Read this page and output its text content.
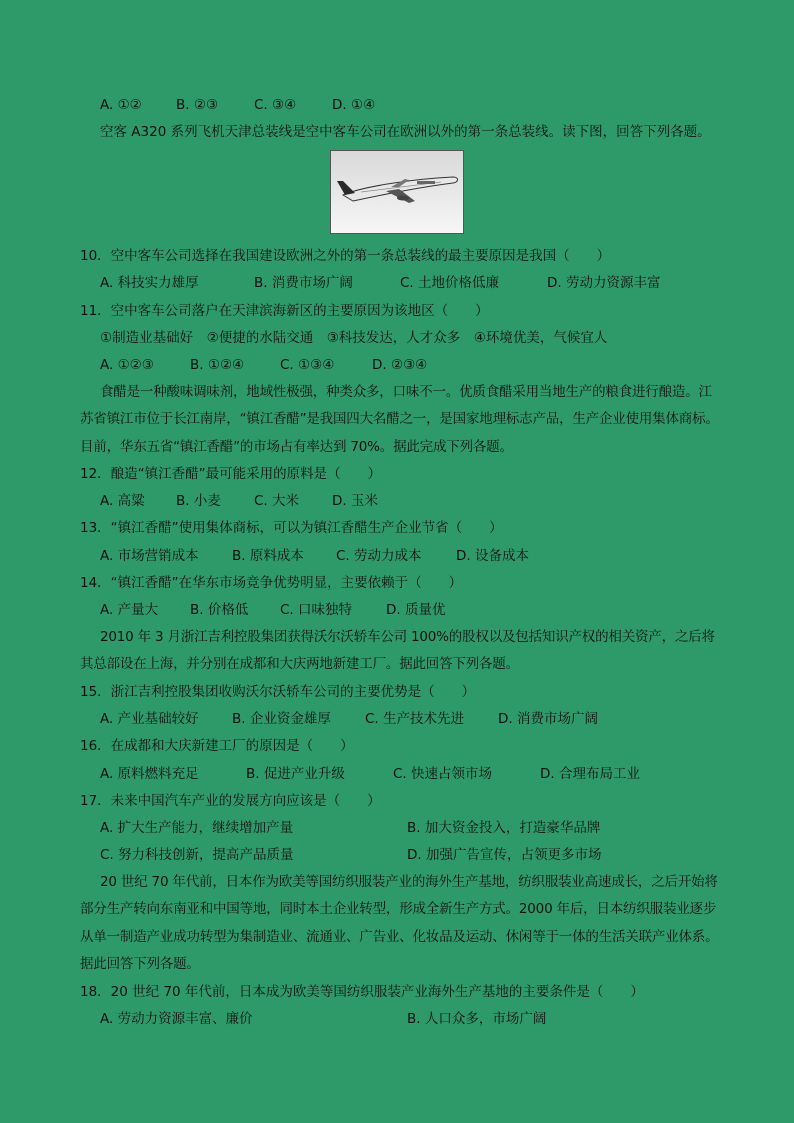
A. ①②	B. ②③	C. ③④	D. ①④
空客 A320 系列飞机天津总装线是空中客车公司在欧洲以外的第一条总装线。读下图，回答下列各题。
10．空中客车公司选择在我国建设欧洲之外的第一条总装线的最主要原因是我国（　　）
A. 科技实力雄厚	B. 消费市场广阔	C. 土地价格低廉	D. 劳动力资源丰富
11．空中客车公司落户在天津滨海新区的主要原因为该地区（　　）
①制造业基础好　②便捷的水陆交通　③科技发达，人才众多　④环境优美，气候宜人
A. ①②③	B. ①②④	C. ①③④	D. ②③④
食醋是一种酸味调味剂，地域性极强，种类众多，口味不一。优质食醋采用当地生产的粮食进行酿造。江苏省镇江市位于长江南岸，“镇江香醋”是我国四大名醋之一，是国家地理标志产品，生产企业使用集体商标。目前，华东五省“镇江香醋”的市场占有率达到 70%。据此完成下列各题。
12．酿造“镇江香醋”最可能采用的原料是（　　）
A. 高粱 B. 小麦 C. 大米 D. 玉米
13．“镇江香醋”使用集体商标，可以为镇江香醋生产企业节省（　　）
A. 市场营销成本 B. 原料成本 C. 劳动力成本	D. 设备成本
14．“镇江香醋”在华东市场竞争优势明显，主要依赖于（　　）
A. 产量大 B. 价格低 C. 口味独特	D. 质量优
2010 年 3 月浙江吉利控股集团获得沃尔沃轿车公司 100%的股权以及包括知识产权的相关资产，之后将其总部设在上海，并分别在成都和大庆两地新建工厂。据此回答下列各题。
15．浙江吉利控股集团收购沃尔沃轿车公司的主要优势是（　　）
A. 产业基础较好 B. 企业资金雄厚	C. 生产技术先进	D. 消费市场广阔
16．在成都和大庆新建工厂的原因是（　　）
A. 原料燃料充足	B. 促进产业升级	C. 快速占领市场	D. 合理布局工业
17．未来中国汽车产业的发展方向应该是（　　）
A. 扩大生产能力，继续增加产量	B. 加大资金投入，打造豪华品牌
C. 努力科技创新，提高产品质量	D. 加强广告宣传，占领更多市场
20 世纪 70 年代前，日本作为欧美等国纺织服装产业的海外生产基地，纺织服装业高速成长，之后开始将部分生产转向东南亚和中国等地，同时本土企业转型，形成全新生产方式。2000 年后，日本纺织服装业逐步从单一制造产业成功转型为集制造业、流通业、广告业、化妆品及运动、休闲等于一体的生活关联产业体系。据此回答下列各题。
18．20 世纪 70 年代前，日本成为欧美等国纺织服装产业海外生产基地的主要条件是（　　）
A. 劳动力资源丰富、廉价	B. 人口众多，市场广阔
